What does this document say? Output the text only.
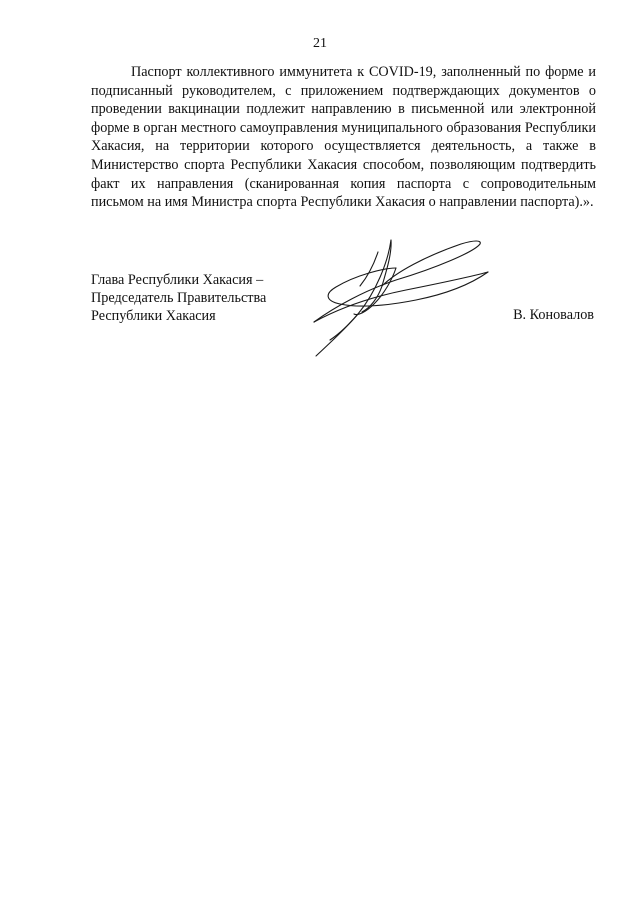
21

Паспорт коллективного иммунитета к COVID-19, заполненный по форме и подписанный руководителем, с приложением подтверждающих документов о проведении вакцинации подлежит направлению в письменной или электронной форме в орган местного самоуправления муниципального образования Республики Хакасия, на территории которого осуществляется деятельность, а также в Министерство спорта Республики Хакасия способом, позволяющим подтвердить факт их направления (сканированная копия паспорта с сопроводительным письмом на имя Министра спорта Республики Хакасия о направлении паспорта).».

Глава Республики Хакасия –
Председатель Правительства
Республики Хакасия	В. Коновалов
